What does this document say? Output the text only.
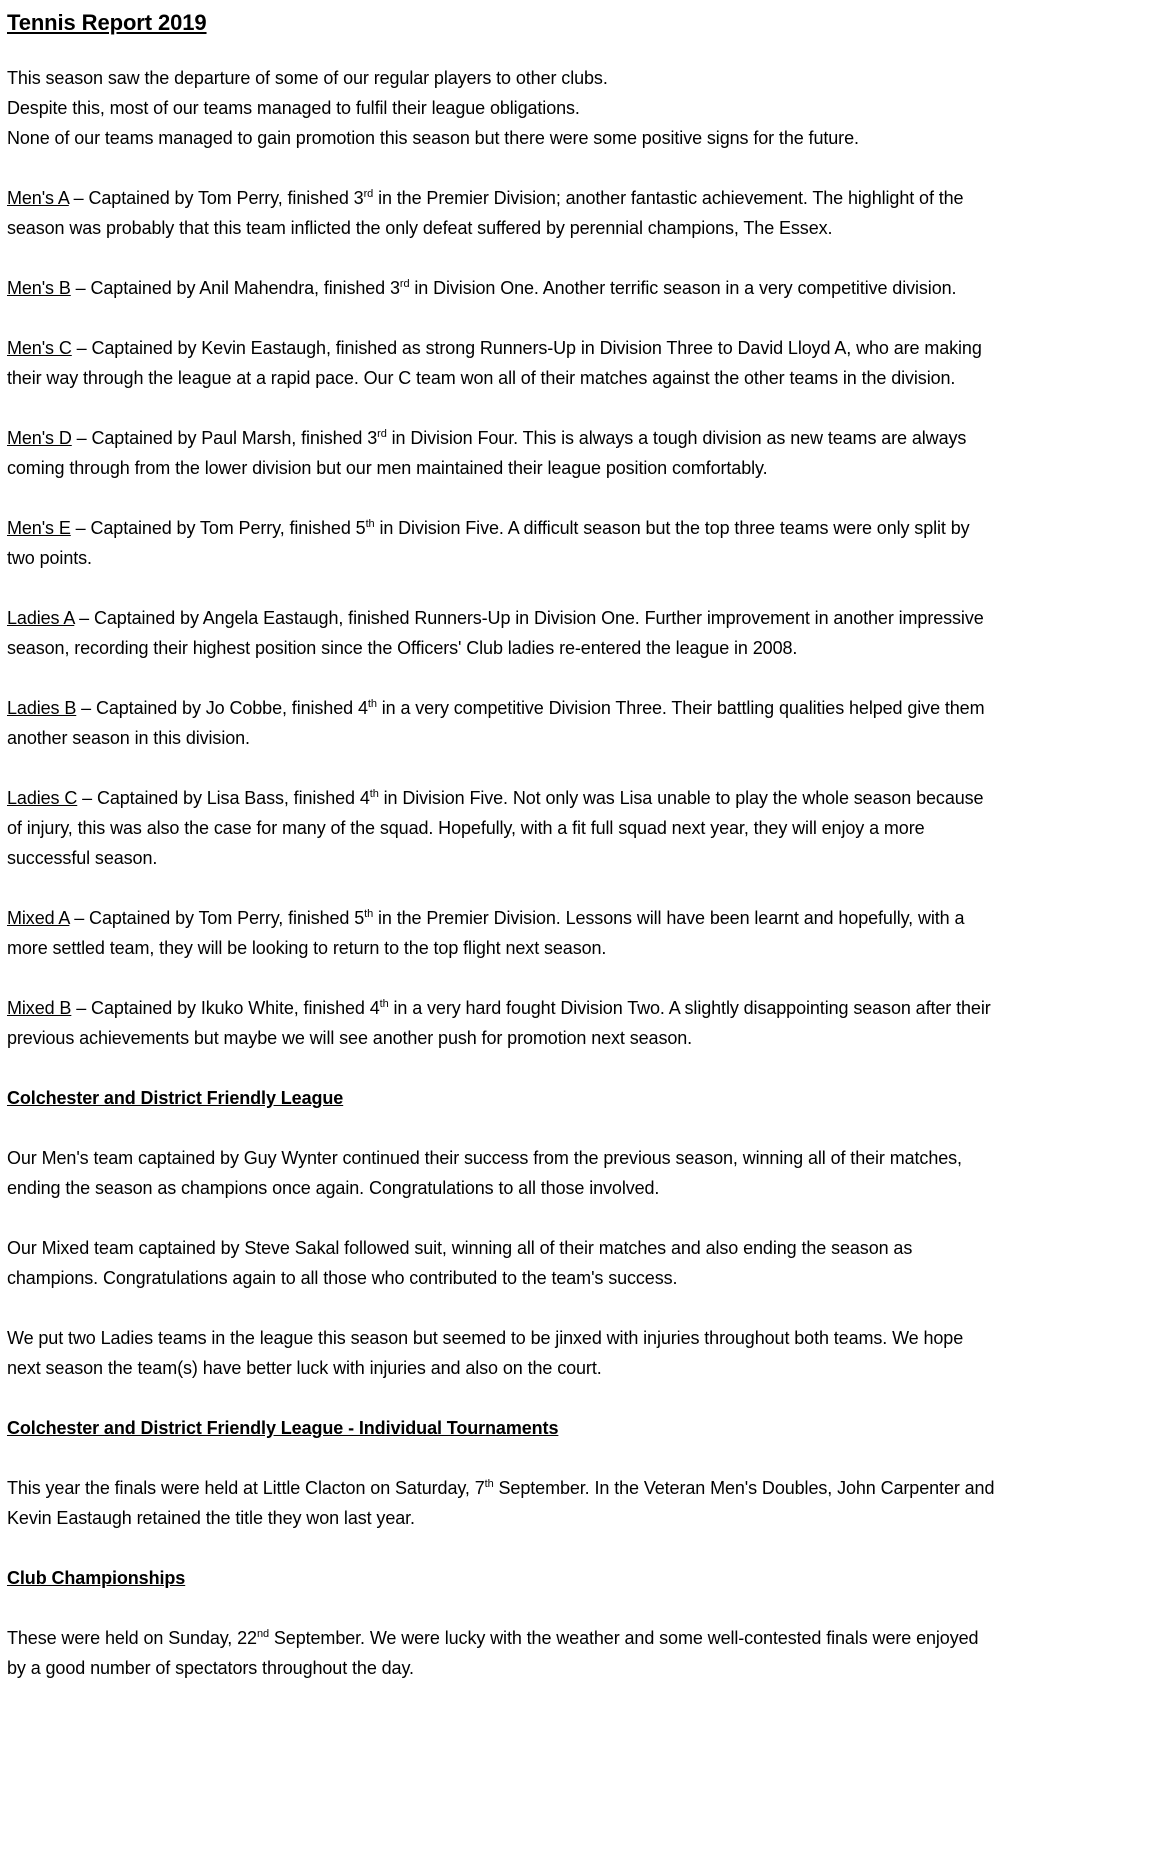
Tennis Report 2019

This season saw the departure of some of our regular players to other clubs.
Despite this, most of our teams managed to fulfil their league obligations.
None of our teams managed to gain promotion this season but there were some positive signs for the future.

Men's A – Captained by Tom Perry, finished 3rd in the Premier Division; another fantastic achievement. The highlight of the season was probably that this team inflicted the only defeat suffered by perennial champions, The Essex.

Men's B – Captained by Anil Mahendra, finished 3rd in Division One. Another terrific season in a very competitive division.

Men's C – Captained by Kevin Eastaugh, finished as strong Runners-Up in Division Three to David Lloyd A, who are making their way through the league at a rapid pace. Our C team won all of their matches against the other teams in the division.

Men's D – Captained by Paul Marsh, finished 3rd in Division Four. This is always a tough division as new teams are always coming through from the lower division but our men maintained their league position comfortably.

Men's E – Captained by Tom Perry, finished 5th in Division Five. A difficult season but the top three teams were only split by two points.

Ladies A – Captained by Angela Eastaugh, finished Runners-Up in Division One. Further improvement in another impressive season, recording their highest position since the Officers' Club ladies re-entered the league in 2008.

Ladies B – Captained by Jo Cobbe, finished 4th in a very competitive Division Three. Their battling qualities helped give them another season in this division.

Ladies C – Captained by Lisa Bass, finished 4th in Division Five. Not only was Lisa unable to play the whole season because of injury, this was also the case for many of the squad. Hopefully, with a fit full squad next year, they will enjoy a more successful season.

Mixed A – Captained by Tom Perry, finished 5th in the Premier Division. Lessons will have been learnt and hopefully, with a more settled team, they will be looking to return to the top flight next season.

Mixed B – Captained by Ikuko White, finished 4th in a very hard fought Division Two. A slightly disappointing season after their previous achievements but maybe we will see another push for promotion next season.

Colchester and District Friendly League

Our Men's team captained by Guy Wynter continued their success from the previous season, winning all of their matches, ending the season as champions once again. Congratulations to all those involved.

Our Mixed team captained by Steve Sakal followed suit, winning all of their matches and also ending the season as champions. Congratulations again to all those who contributed to the team's success.

We put two Ladies teams in the league this season but seemed to be jinxed with injuries throughout both teams. We hope next season the team(s) have better luck with injuries and also on the court.

Colchester and District Friendly League - Individual Tournaments

This year the finals were held at Little Clacton on Saturday, 7th September. In the Veteran Men's Doubles, John Carpenter and Kevin Eastaugh retained the title they won last year.

Club Championships

These were held on Sunday, 22nd September. We were lucky with the weather and some well-contested finals were enjoyed by a good number of spectators throughout the day.
